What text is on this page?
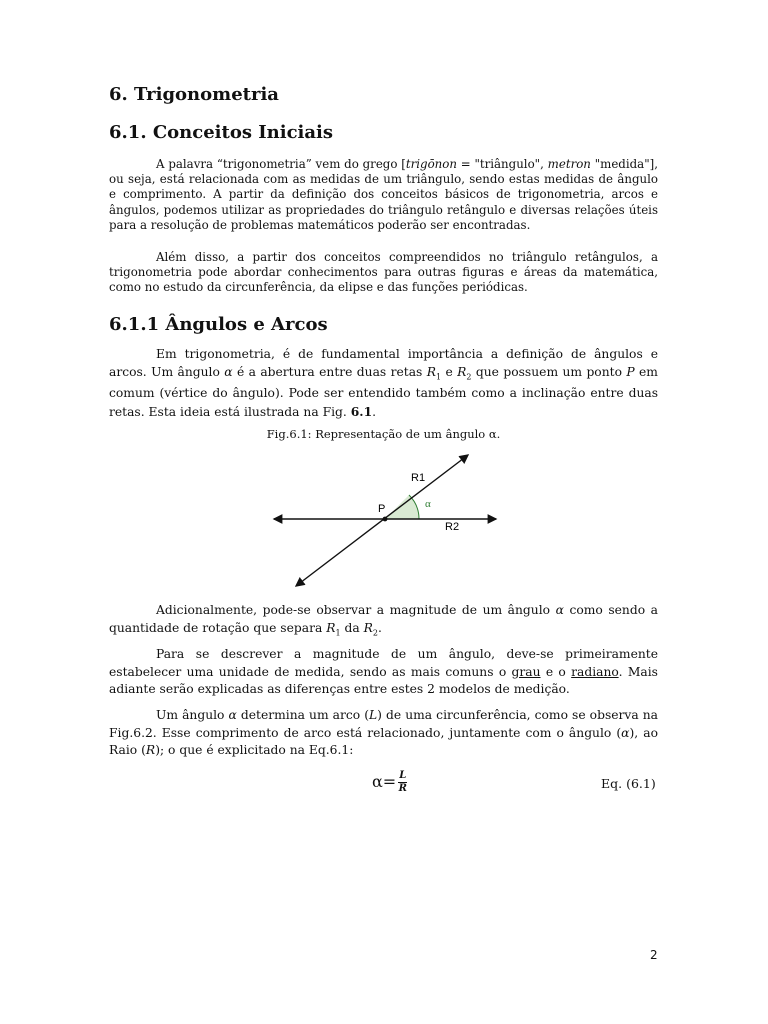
6. Trigonometria
6.1. Conceitos Iniciais

A palavra “trigonometria” vem do grego [trigōnon = "triângulo", metron "medida"], ou seja, está relacionada com as medidas de um triângulo, sendo estas medidas de ângulo e comprimento. A partir da definição dos conceitos básicos de trigonometria, arcos e ângulos, podemos utilizar as propriedades do triângulo retângulo e diversas relações úteis para a resolução de problemas matemáticos poderão ser encontradas.

Além disso, a partir dos conceitos compreendidos no triângulo retângulos, a trigonometria pode abordar conhecimentos para outras figuras e áreas da matemática, como no estudo da circunferência, da elipse e das funções periódicas.

6.1.1 Ângulos e Arcos

Em trigonometria, é de fundamental importância a definição de ângulos e arcos. Um ângulo α é a abertura entre duas retas $R_1$ e $R_2$ que possuem um ponto P em comum (vértice do ângulo). Pode ser entendido também como a inclinação entre duas retas. Esta ideia está ilustrada na Fig. 6.1.

Fig.6.1: Representação de um ângulo α.

R1
α
P
R2

Adicionalmente, pode-se observar a magnitude de um ângulo α como sendo a quantidade de rotação que separa $R_1$ da $R_2$.

Para se descrever a magnitude de um ângulo, deve-se primeiramente estabelecer uma unidade de medida, sendo as mais comuns o grau e o radiano. Mais adiante serão explicadas as diferenças entre estes 2 modelos de medição.

Um ângulo α determina um arco (L) de uma circunferência, como se observa na Fig.6.2. Esse comprimento de arco está relacionado, juntamente com o ângulo (α), ao Raio (R); o que é explicitado na Eq.6.1:

$\alpha= \frac{L}{R}$	Eq. (6.1)
2
